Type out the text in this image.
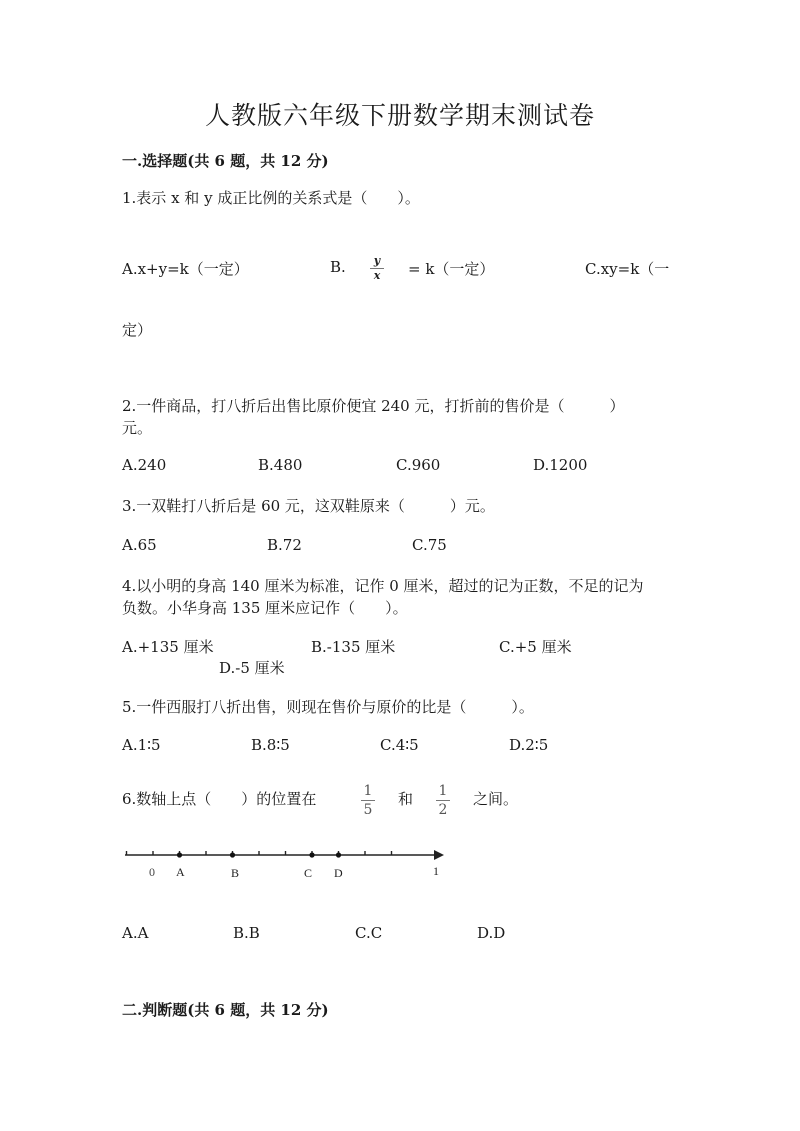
人教版六年级下册数学期末测试卷
一.选择题(共 6 题，共 12 分)
1.表示 x 和 y 成正比例的关系式是（　　）。
A.x+y=k（一定）	B.	y
x = k（一定）	C.xy=k（一
定）
2.一件商品，打八折后出售比原价便宜 240 元，打折前的售价是（　　　）
元。
A.240	B.480	C.960	D.1200
3.一双鞋打八折后是 60 元，这双鞋原来（　　　）元。
A.65	B.72	C.75
4.以小明的身高 140 厘米为标准，记作 0 厘米，超过的记为正数，不足的记为
负数。小华身高 135 厘米应记作（　　）。
A.+135 厘米	B.-135 厘米	C.+5 厘米
D.-5 厘米
5.一件西服打八折出售，则现在售价与原价的比是（　　　）。
A.1∶5	B.8∶5	C.4∶5	D.2∶5
6.数轴上点（　　）的位置在	1
5
和 1
2
之间。
0 A	B	C D	1
A.A	B.B	C.C	D.D
二.判断题(共 6 题，共 12 分)
